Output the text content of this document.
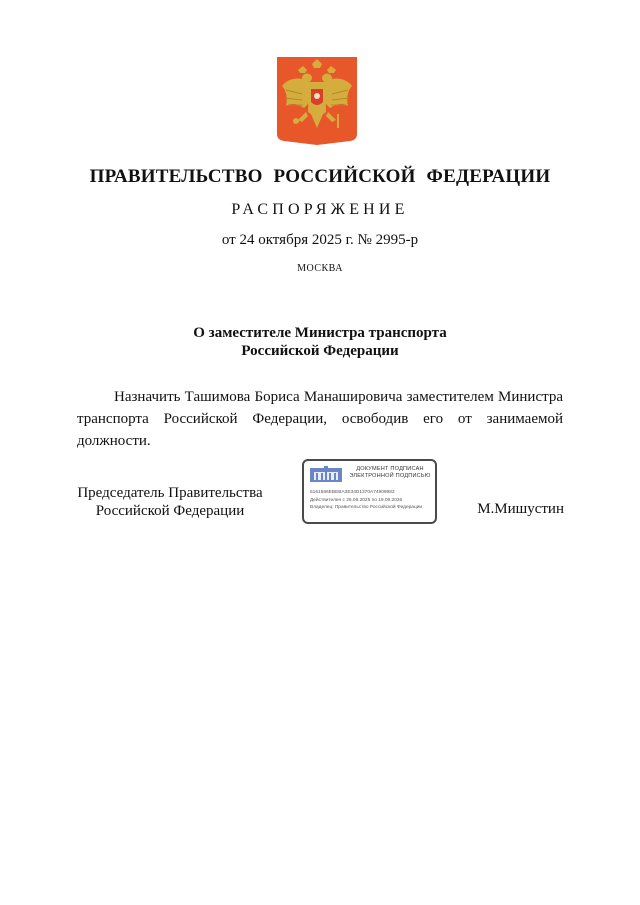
ПРАВИТЕЛЬСТВО РОССИЙСКОЙ ФЕДЕРАЦИИ
РАСПОРЯЖЕНИЕ
от 24 октября 2025 г. № 2995-р
МОСКВА
О заместителе Министра транспорта
Российской Федерации
Назначить Ташимова Бориса Манашировича заместителем Министра транспорта Российской Федерации, освободив его от занимаемой должности.
Председатель Правительства
Российской Федерации
ДОКУМЕНТ ПОДПИСАН
ЭЛЕКТРОННОЙ ПОДПИСЬЮ
5161586EBEBA3E34D1370A74909983
Действителен с 26.06.2025 по 19.09.2026
Владелец: Правительство Российской Федерации	М.Мишустин
